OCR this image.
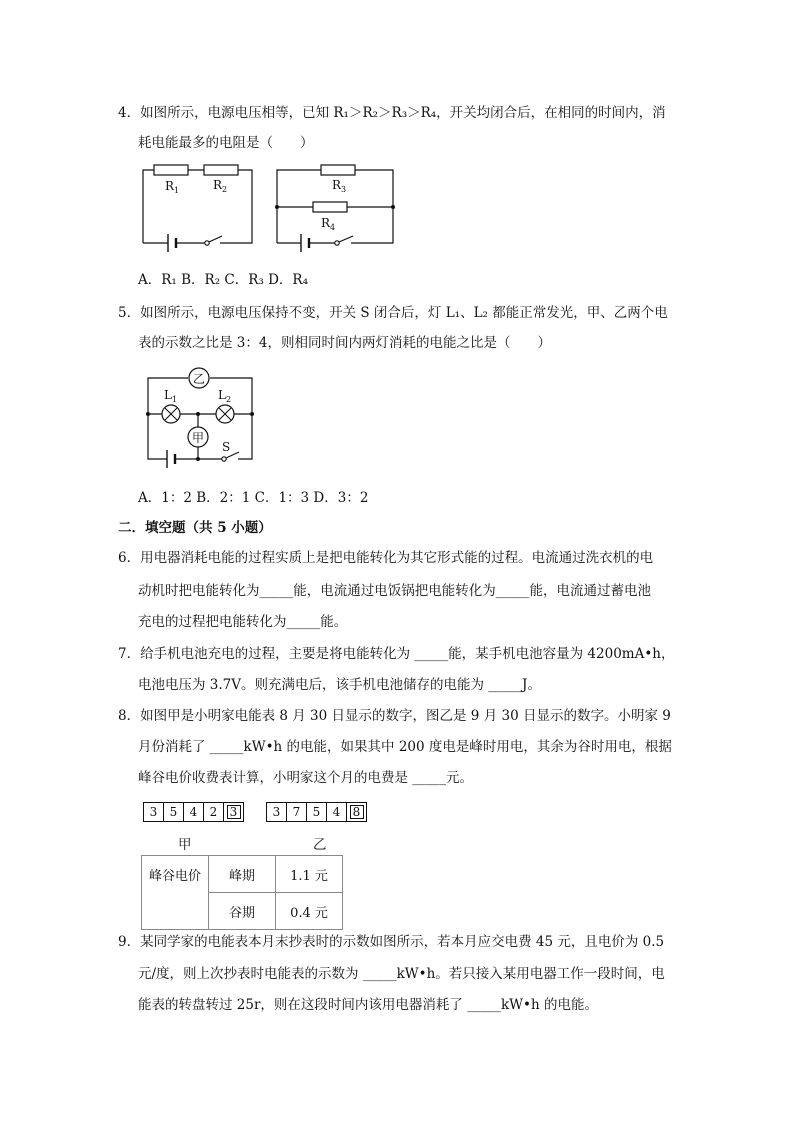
4．如图所示，电源电压相等，已知 R₁＞R₂＞R₃＞R₄，开关均闭合后，在相同的时间内，消
耗电能最多的电阻是（　　）
$R_1$	$R_2$	$R_3$
$R_4$
A．R₁ B．R₂ C．R₃ D．R₄
5．如图所示，电源电压保持不变，开关 S 闭合后，灯 L₁、L₂ 都能正常发光，甲、乙两个电
表的示数之比是 3：4，则相同时间内两灯消耗的电能之比是（　　）
乙
$L_1$	$L_2$
甲
S
A．1：2 B．2：1 C．1：3 D．3：2
二．填空题（共 5 小题）
6．用电器消耗电能的过程实质上是把电能转化为其它形式能的过程。电流通过洗衣机的电
动机时把电能转化为_____能，电流通过电饭锅把电能转化为_____能，电流通过蓄电池
充电的过程把电能转化为_____能。
7．给手机电池充电的过程，主要是将电能转化为 _____能，某手机电池容量为 4200mA•h，
电池电压为 3.7V。则充满电后，该手机电池储存的电能为 _____J。
8．如图甲是小明家电能表 8 月 30 日显示的数字，图乙是 9 月 30 日显示的数字。小明家 9
月份消耗了 _____kW•h 的电能，如果其中 200 度电是峰时用电，其余为谷时用电，根据
峰谷电价收费表计算，小明家这个月的电费是 _____元。
3	5	4	2	3	3	7	5	4	8
甲	乙
峰谷电价	峰期	1.1 元
	谷期	0.4 元
9．某同学家的电能表本月末抄表时的示数如图所示，若本月应交电费 45 元，且电价为 0.5
元/度，则上次抄表时电能表的示数为 _____kW•h。若只接入某用电器工作一段时间，电
能表的转盘转过 25r，则在这段时间内该用电器消耗了 _____kW•h 的电能。
